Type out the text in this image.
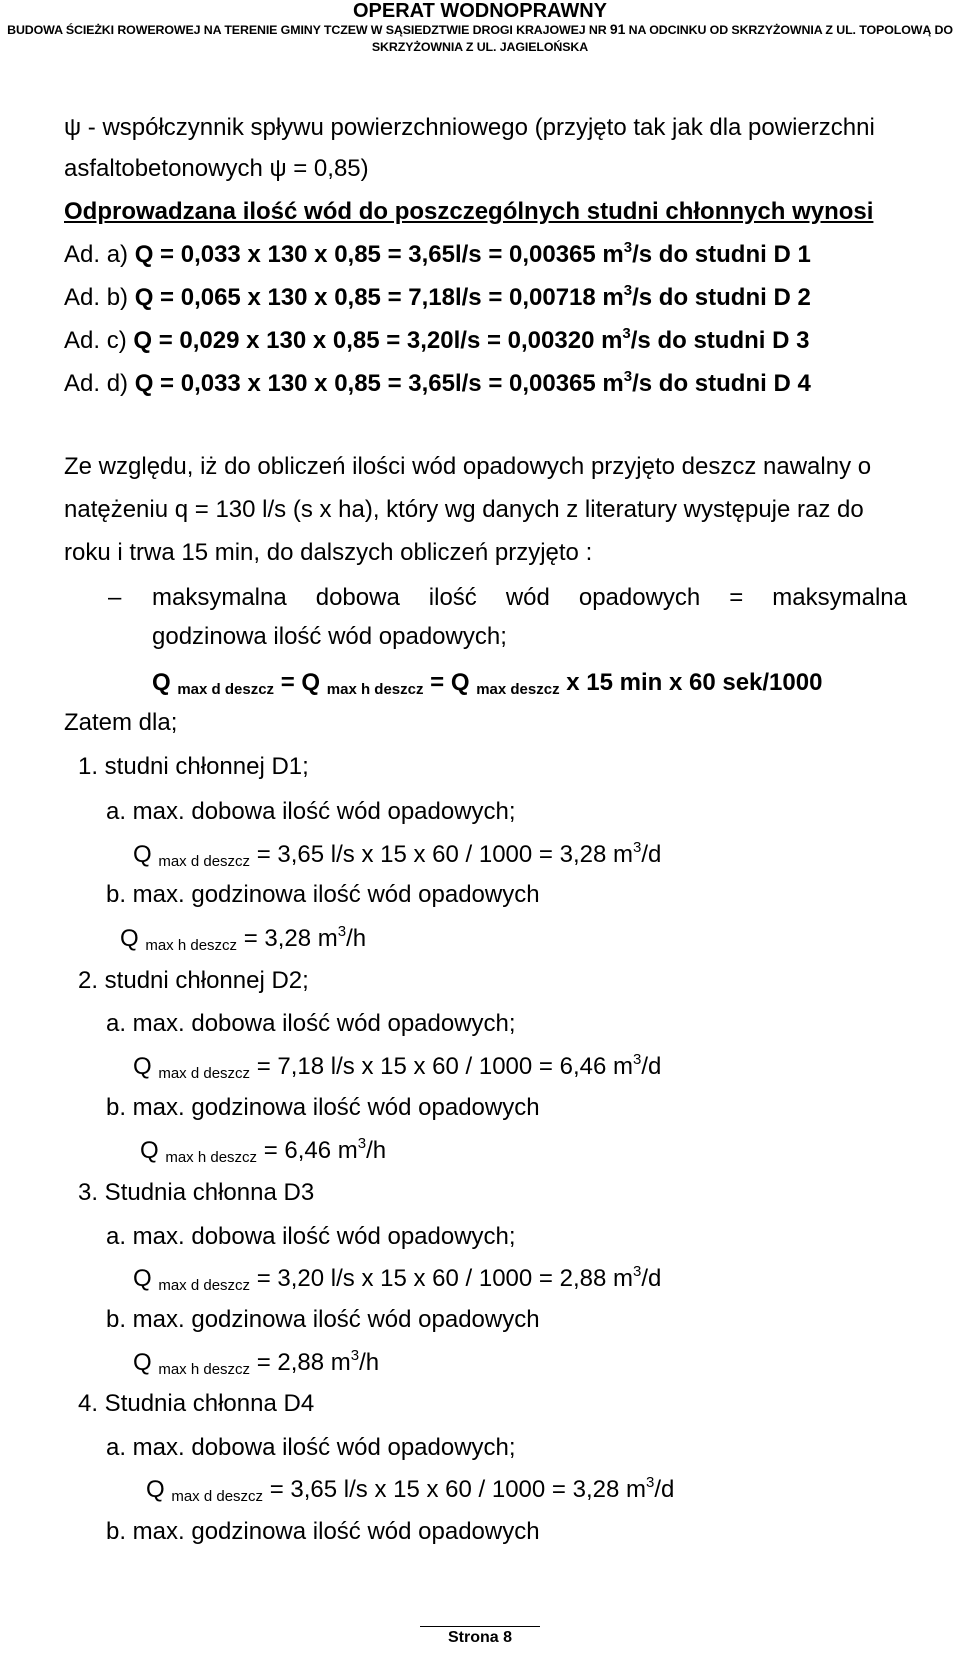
OPERAT WODNOPRAWNY
BUDOWA ŚCIEŻKI ROWEROWEJ NA TERENIE GMINY TCZEW W SĄSIEDZTWIE DROGI KRAJOWEJ NR 91 NA ODCINKU OD SKRZYŻOWNIA Z UL. TOPOLOWĄ DO
SKRZYŻOWNIA Z UL. JAGIELOŃSKA
ψ - współczynnik spływu powierzchniowego (przyjęto tak jak dla powierzchni
asfaltobetonowych ψ = 0,85)
Odprowadzana ilość wód do poszczególnych studni chłonnych wynosi
Ad. a) Q = 0,033 x 130 x 0,85 = 3,65l/s = 0,00365 $m^3/s$ do studni D 1
Ad. b) Q = 0,065 x 130 x 0,85 = 7,18l/s = 0,00718 $m^3/s$ do studni D 2
Ad. c) Q = 0,029 x 130 x 0,85 = 3,20l/s = 0,00320 $m^3/s$ do studni D 3
Ad. d) Q = 0,033 x 130 x 0,85 = 3,65l/s = 0,00365 $m^3/s$ do studni D 4
Ze względu, iż do obliczeń ilości wód opadowych przyjęto deszcz nawalny o
natężeniu q = 130 l/s (s x ha), który wg danych z literatury występuje raz do
roku i trwa 15 min, do dalszych obliczeń przyjęto :
– maksymalna dobowa ilość wód opadowych = maksymalna
godzinowa ilość wód opadowych;
Q $_{max d deszcz}$ = Q $_{max h deszcz}$ = Q $_{max deszcz}$ x 15 min x 60 sek/1000
Zatem dla;
1. studni chłonnej D1;
a. max. dobowa ilość wód opadowych;
Q $_{max d deszcz}$ = 3,65 l/s x 15 x 60 / 1000 = 3,28 $m^3/d$
b. max. godzinowa ilość wód opadowych
Q $_{max h deszcz}$ = 3,28 $m^3/h$
2. studni chłonnej D2;
a. max. dobowa ilość wód opadowych;
Q $_{max d deszcz}$ = 7,18 l/s x 15 x 60 / 1000 = 6,46 $m^3/d$
b. max. godzinowa ilość wód opadowych
Q $_{max h deszcz}$ = 6,46 $m^3/h$
3. Studnia chłonna D3
a. max. dobowa ilość wód opadowych;
Q $_{max d deszcz}$ = 3,20 l/s x 15 x 60 / 1000 = 2,88 $m^3/d$
b. max. godzinowa ilość wód opadowych
Q $_{max h deszcz}$ = 2,88 $m^3/h$
4. Studnia chłonna D4
a. max. dobowa ilość wód opadowych;
Q $_{max d deszcz}$ = 3,65 l/s x 15 x 60 / 1000 = 3,28 $m^3/d$
b. max. godzinowa ilość wód opadowych
Strona 8
